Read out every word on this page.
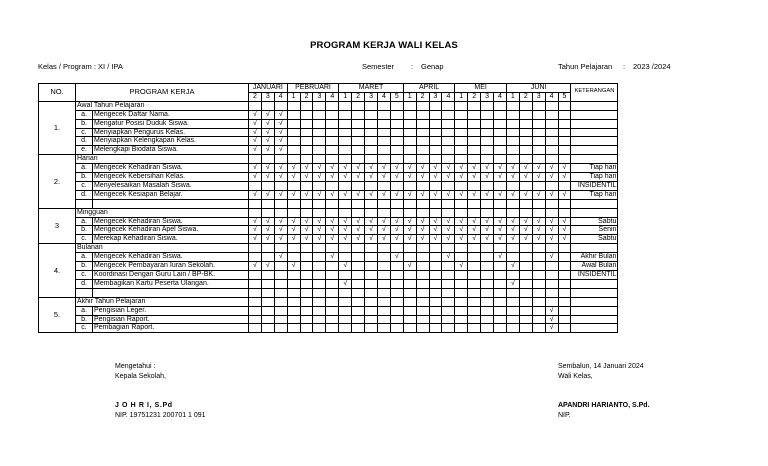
PROGRAM KERJA WALI KELAS
Kelas / Program : XI / IPA	Semester : Genap	Tahun Pelajaran : 2023 /2024
NO.	PROGRAM KERJA		JANUARI			PEBRUARI				MARET					APRIL				MEI				JUNI					KETERANGAN
			2	3	4	1	2	3	4	1	2	3	4	5	1	2	3	4	1	2	3	4	1	2	3	4	5	
1.	Awal Tahun Pelajaran																											
	a.	Mengecek Daftar Nama.	√	√	√																							
	b.	Mengatur Posisi Duduk Siswa.	√	√	√																							
	c.	Menyiapkan Pengurus Kelas.	√	√	√																							
	d.	Menyiapkan Kelengkapan Kelas.	√	√	√																							
	e.	Melengkapi Biodata Siswa.	√	√	√																							
2.	Harian																											
	a.	Mengecek Kehadiran Siswa.	√	√	√	√	√	√	√	√	√	√	√	√	√	√	√	√	√	√	√	√	√	√	√	√	√	Tiap hari
	b.	Mengecek Kebersihan Kelas.	√	√	√	√	√	√	√	√	√	√	√	√	√	√	√	√	√	√	√	√	√	√	√	√	√	Tiap hari
	c.	Menyelesaikan Masalah Siswa.																										INSIDENTIL
	d.	Mengecek Kesiapan Belajar.	√	√	√	√	√	√	√	√	√	√	√	√	√	√	√	√	√	√	√	√	√	√	√	√	√	Tiap hari

3	Mingguan																											
	a.	Mengecek Kehadiran Siswa.	√	√	√	√	√	√	√	√	√	√	√	√	√	√	√	√	√	√	√	√	√	√	√	√	√	Sabtu
	b.	Mengecek Kehadiran Apel Siswa.	√	√	√	√	√	√	√	√	√	√	√	√	√	√	√	√	√	√	√	√	√	√	√	√	√	Senin
	c.	Merekap Kehadiran Siswa.	√	√	√	√	√	√	√	√	√	√	√	√	√	√	√	√	√	√	√	√	√	√	√	√	√	Sabtu
4.	Bulanan																											
	a.	Mengecek Kehadiran Siswa.			√				√					√				√				√				√		Akhir Bulan
	b.	Mengecek Pembayaran Iuran Sekolah.	√	√		√				√					√				√				√					Awal Bulan
	c.	Koordinasi Dengan Guru Lain / BP-BK.																										INSIDENTIL
	d.	Membagikan Kartu Peserta Ulangan.								√													√					

5.	Akhir Tahun Pelajaran																											
	a.	Pengisian Leger.																								√		
	b.	Pengisian Raport.																								√		
	c.	Pembagian Raport.																								√		
Mengetahui :
Kepala Sekolah,
J O H R I, S.Pd
NIP. 19751231 200701 1 091
Sembalun, 14 Januari 2024
Wali Kelas,
APANDRI HARIANTO, S.Pd.
NIP.
